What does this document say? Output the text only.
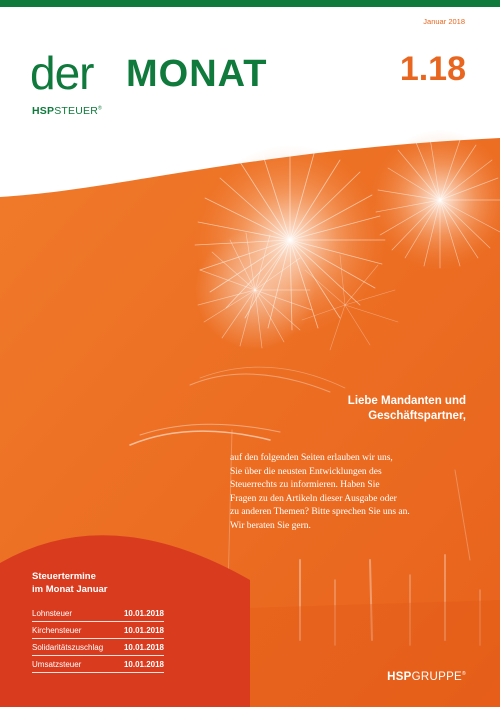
Januar 2018
der MONAT
HSPSTEUER®
1.18
Liebe Mandanten und
Geschäftspartner,
auf den folgenden Seiten erlauben wir uns,
Sie über die neusten Entwicklungen des
Steuerrechts zu informieren. Haben Sie
Fragen zu den Artikeln dieser Ausgabe oder
zu anderen Themen? Bitte sprechen Sie uns an.
Wir beraten Sie gern.
Steuertermine
im Monat Januar
Lohnsteuer	10.01.2018
Kirchensteuer	10.01.2018
Solidaritätszuschlag	10.01.2018
Umsatzsteuer	10.01.2018
HSPGRUPPE®
